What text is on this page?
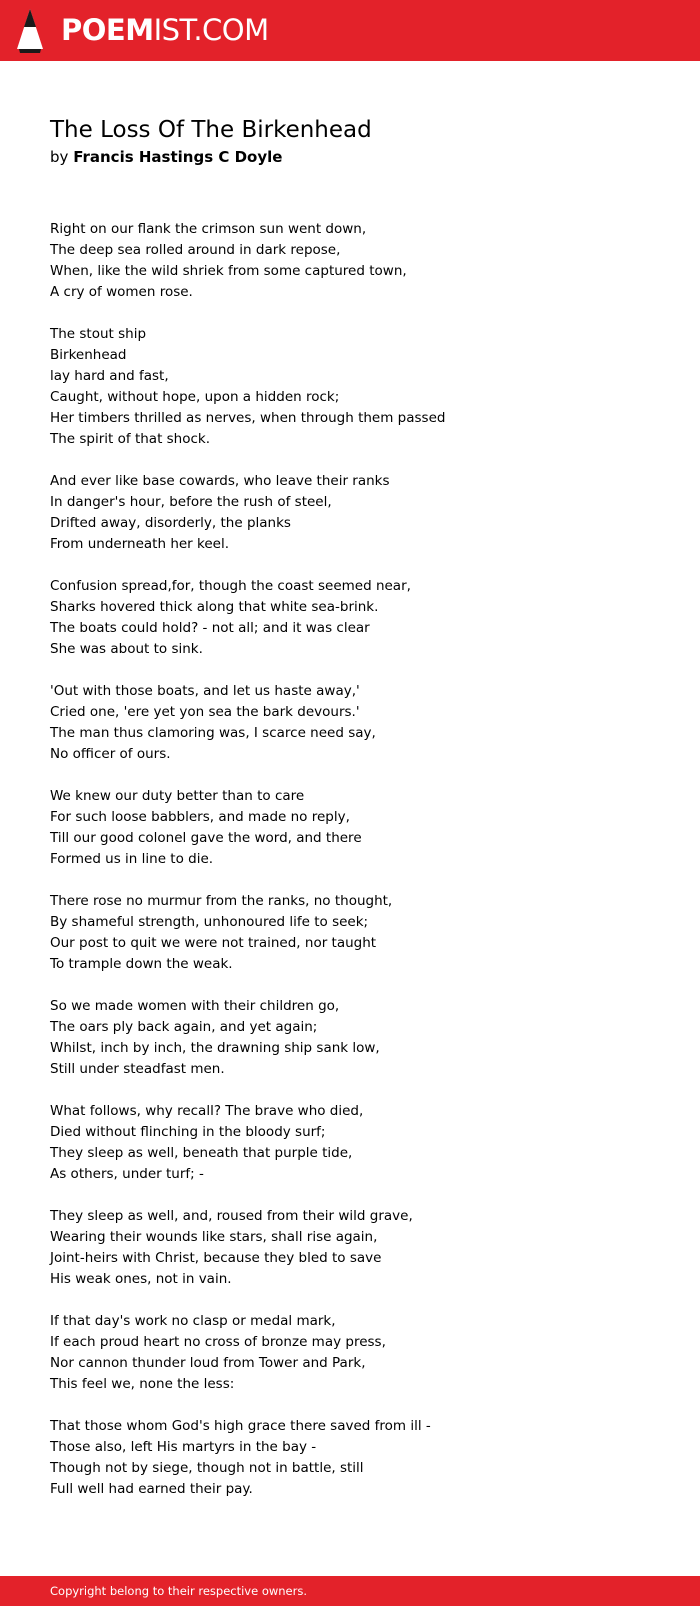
POEMIST.COM
The Loss Of The Birkenhead
by Francis Hastings C Doyle
Right on our flank the crimson sun went down,
The deep sea rolled around in dark repose,
When, like the wild shriek from some captured town,
A cry of women rose.
The stout ship
Birkenhead
lay hard and fast,
Caught, without hope, upon a hidden rock;
Her timbers thrilled as nerves, when through them passed
The spirit of that shock.
And ever like base cowards, who leave their ranks
In danger's hour, before the rush of steel,
Drifted away, disorderly, the planks
From underneath her keel.
Confusion spread,for, though the coast seemed near,
Sharks hovered thick along that white sea-brink.
The boats could hold? - not all; and it was clear
She was about to sink.
'Out with those boats, and let us haste away,'
Cried one, 'ere yet yon sea the bark devours.'
The man thus clamoring was, I scarce need say,
No officer of ours.
We knew our duty better than to care
For such loose babblers, and made no reply,
Till our good colonel gave the word, and there
Formed us in line to die.
There rose no murmur from the ranks, no thought,
By shameful strength, unhonoured life to seek;
Our post to quit we were not trained, nor taught
To trample down the weak.
So we made women with their children go,
The oars ply back again, and yet again;
Whilst, inch by inch, the drawning ship sank low,
Still under steadfast men.
What follows, why recall? The brave who died,
Died without flinching in the bloody surf;
They sleep as well, beneath that purple tide,
As others, under turf; -
They sleep as well, and, roused from their wild grave,
Wearing their wounds like stars, shall rise again,
Joint-heirs with Christ, because they bled to save
His weak ones, not in vain.
If that day's work no clasp or medal mark,
If each proud heart no cross of bronze may press,
Nor cannon thunder loud from Tower and Park,
This feel we, none the less:
That those whom God's high grace there saved from ill -
Those also, left His martyrs in the bay -
Though not by siege, though not in battle, still
Full well had earned their pay.
Copyright belong to their respective owners.
